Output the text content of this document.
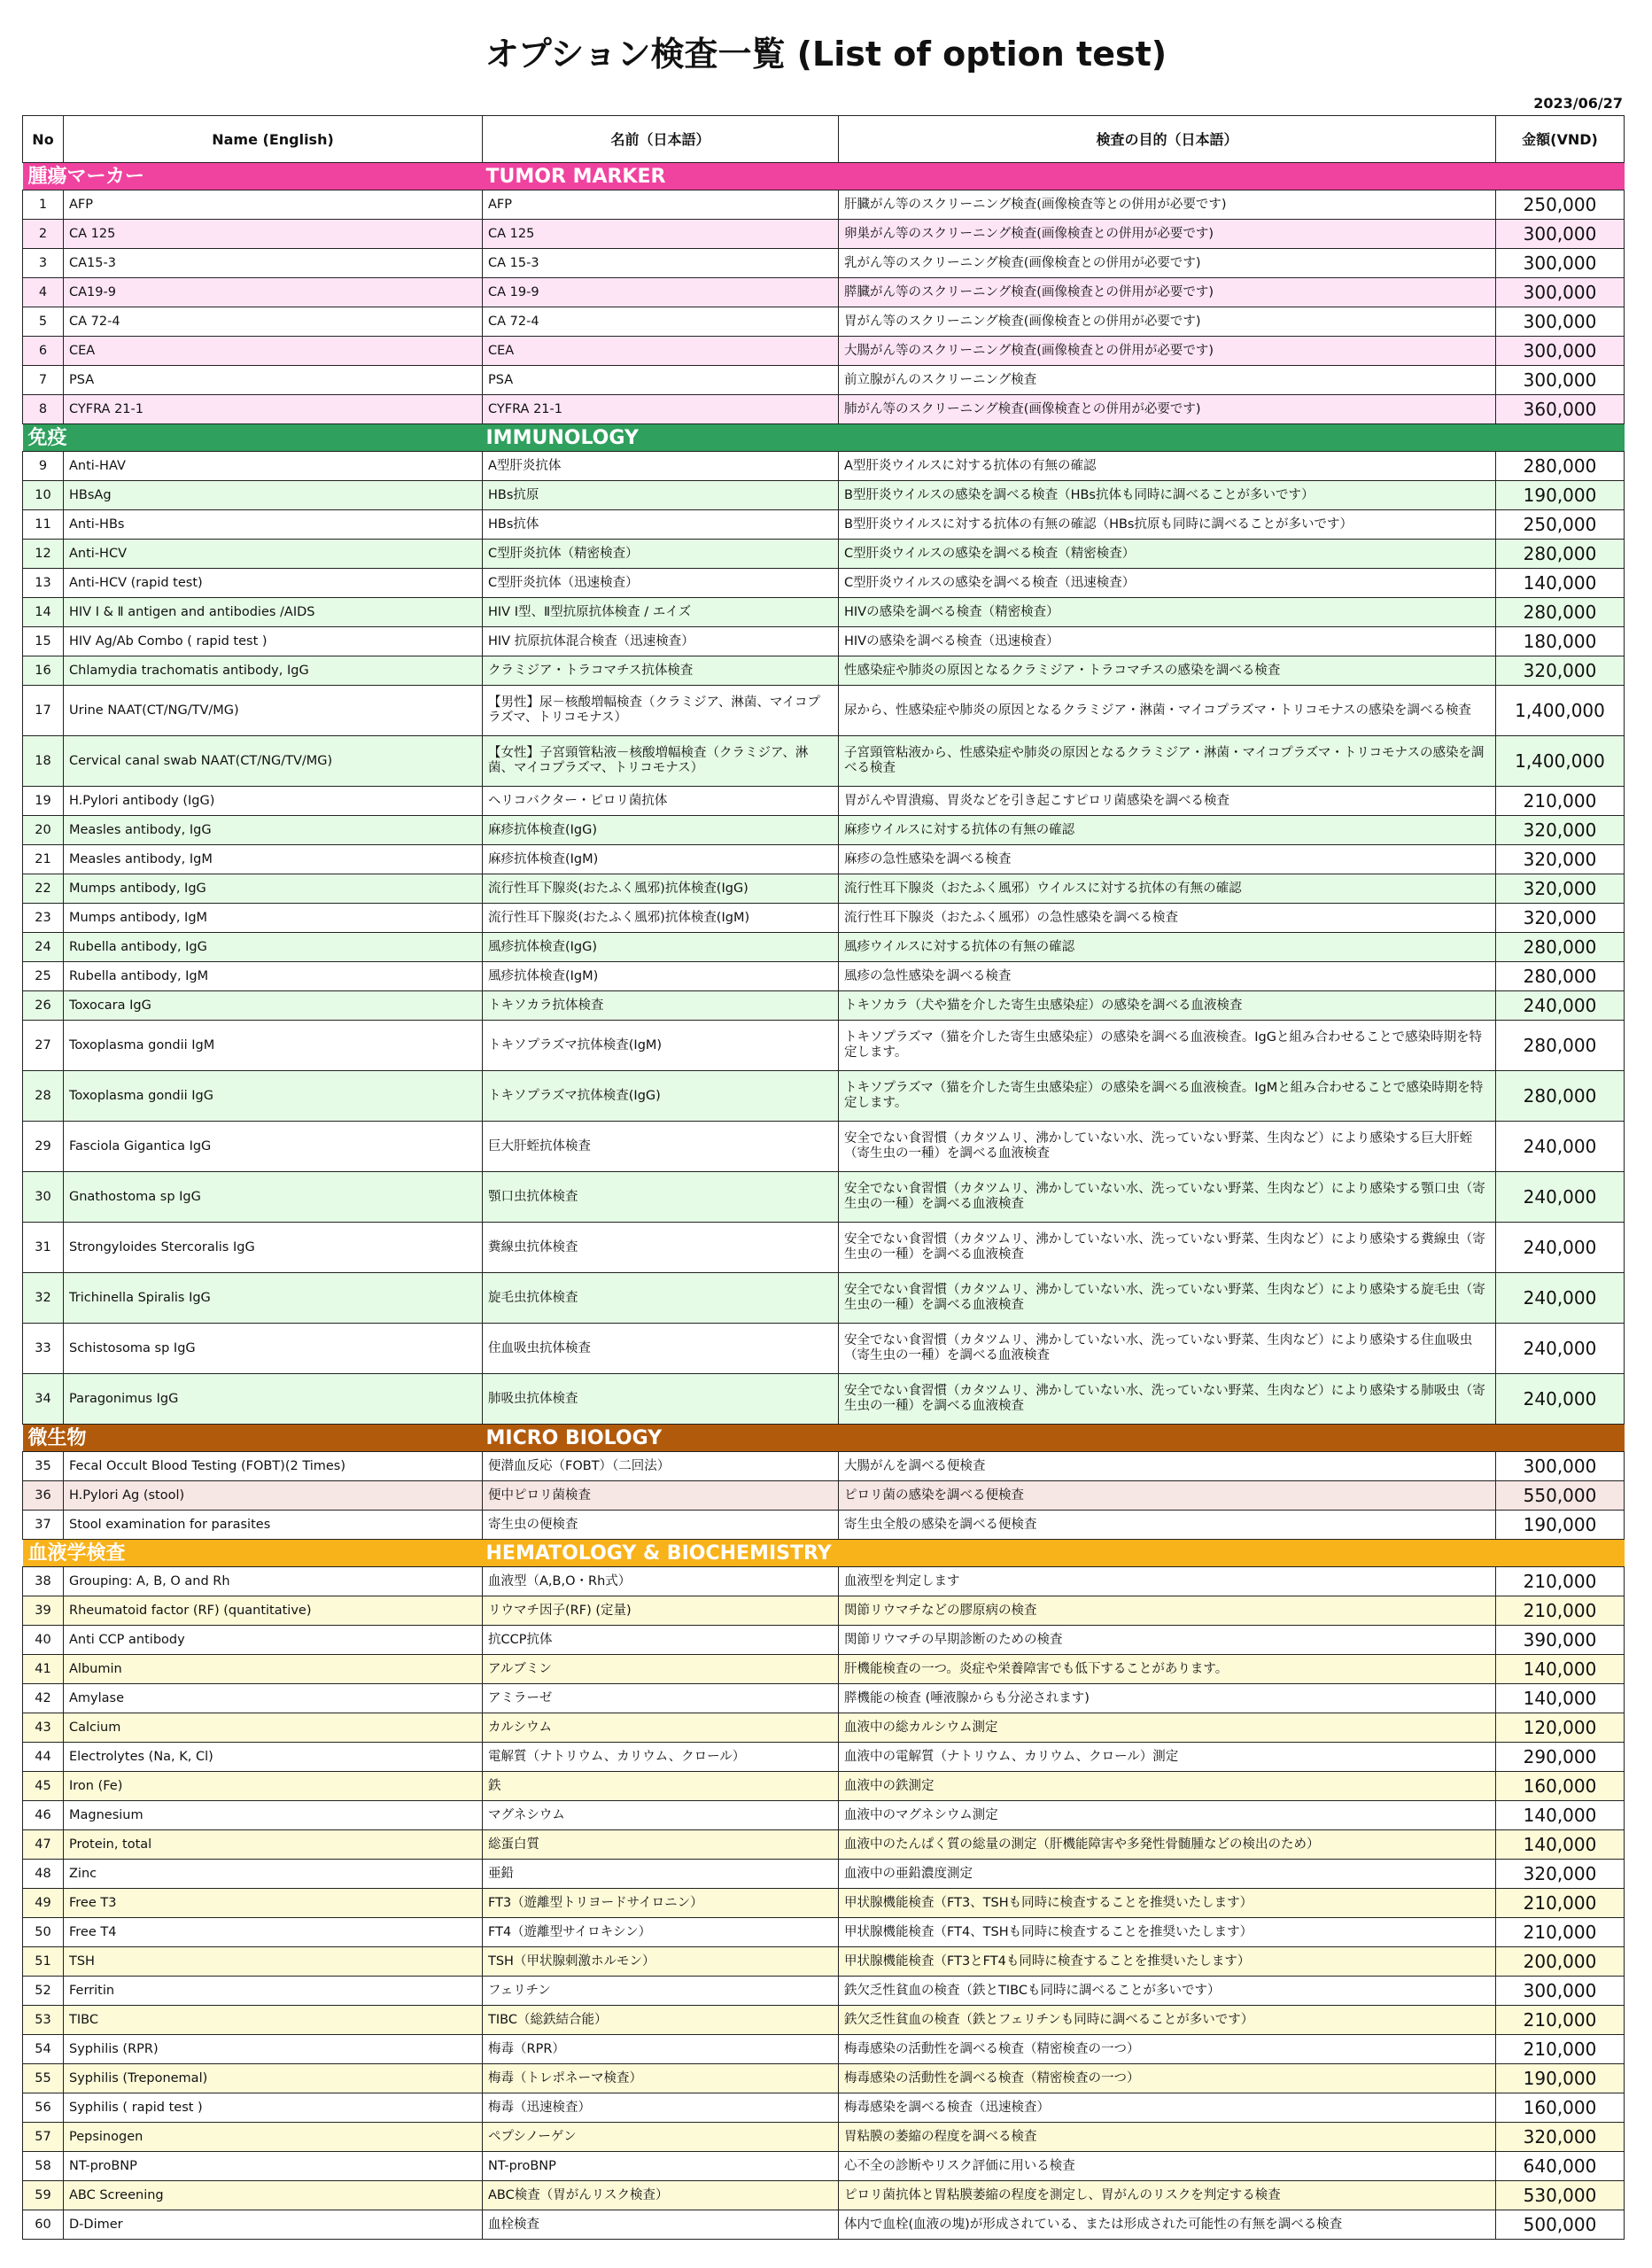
オプション検査一覧 (List of option test)
2023/06/27
No	Name (English)	名前（日本語）	検査の目的（日本語）	金額(VND)
腫瘍マーカー		TUMOR MARKER		
1	AFP	AFP	肝臓がん等のスクリーニング検査(画像検査等との併用が必要です)	250,000
2	CA 125	CA 125	卵巣がん等のスクリーニング検査(画像検査との併用が必要です)	300,000
3	CA15-3	CA 15-3	乳がん等のスクリーニング検査(画像検査との併用が必要です)	300,000
4	CA19-9	CA 19-9	膵臓がん等のスクリーニング検査(画像検査との併用が必要です)	300,000
5	CA 72-4	CA 72-4	胃がん等のスクリーニング検査(画像検査との併用が必要です)	300,000
6	CEA	CEA	大腸がん等のスクリーニング検査(画像検査との併用が必要です)	300,000
7	PSA	PSA	前立腺がんのスクリーニング検査	300,000
8	CYFRA 21-1	CYFRA 21-1	肺がん等のスクリーニング検査(画像検査との併用が必要です)	360,000
免疫		IMMUNOLOGY		
9	Anti-HAV	A型肝炎抗体	A型肝炎ウイルスに対する抗体の有無の確認	280,000
10	HBsAg	HBs抗原	B型肝炎ウイルスの感染を調べる検査（HBs抗体も同時に調べることが多いです）	190,000
11	Anti-HBs	HBs抗体	B型肝炎ウイルスに対する抗体の有無の確認（HBs抗原も同時に調べることが多いです）	250,000
12	Anti-HCV	C型肝炎抗体（精密検査）	C型肝炎ウイルスの感染を調べる検査（精密検査）	280,000
13	Anti-HCV (rapid test)	C型肝炎抗体（迅速検査）	C型肝炎ウイルスの感染を調べる検査（迅速検査）	140,000
14	HIV Ⅰ & Ⅱ antigen and antibodies /AIDS	HIV Ⅰ型、Ⅱ型抗原抗体検査 / エイズ	HIVの感染を調べる検査（精密検査）	280,000
15	HIV Ag/Ab Combo ( rapid test )	HIV 抗原抗体混合検査（迅速検査）	HIVの感染を調べる検査（迅速検査）	180,000
16	Chlamydia trachomatis antibody, IgG	クラミジア・トラコマチス抗体検査	性感染症や肺炎の原因となるクラミジア・トラコマチスの感染を調べる検査	320,000
17	Urine NAAT(CT/NG/TV/MG)	【男性】尿－核酸増幅検査（クラミジア、淋菌、マイコプラズマ、トリコモナス）	尿から、性感染症や肺炎の原因となるクラミジア・淋菌・マイコプラズマ・トリコモナスの感染を調べる検査	1,400,000
18	Cervical canal swab NAAT(CT/NG/TV/MG)	【女性】子宮頸管粘液－核酸増幅検査（クラミジア、淋菌、マイコプラズマ、トリコモナス）	子宮頸管粘液から、性感染症や肺炎の原因となるクラミジア・淋菌・マイコプラズマ・トリコモナスの感染を調べる検査	1,400,000
19	H.Pylori antibody (IgG)	ヘリコバクター・ピロリ菌抗体	胃がんや胃潰瘍、胃炎などを引き起こすピロリ菌感染を調べる検査	210,000
20	Measles antibody, IgG	麻疹抗体検査(IgG)	麻疹ウイルスに対する抗体の有無の確認	320,000
21	Measles antibody, IgM	麻疹抗体検査(IgM)	麻疹の急性感染を調べる検査	320,000
22	Mumps antibody, IgG	流行性耳下腺炎(おたふく風邪)抗体検査(IgG)	流行性耳下腺炎（おたふく風邪）ウイルスに対する抗体の有無の確認	320,000
23	Mumps antibody, IgM	流行性耳下腺炎(おたふく風邪)抗体検査(IgM)	流行性耳下腺炎（おたふく風邪）の急性感染を調べる検査	320,000
24	Rubella antibody, IgG	風疹抗体検査(IgG)	風疹ウイルスに対する抗体の有無の確認	280,000
25	Rubella antibody, IgM	風疹抗体検査(IgM)	風疹の急性感染を調べる検査	280,000
26	Toxocara IgG	トキソカラ抗体検査	トキソカラ（犬や猫を介した寄生虫感染症）の感染を調べる血液検査	240,000
27	Toxoplasma gondii IgM	トキソプラズマ抗体検査(IgM)	トキソプラズマ（猫を介した寄生虫感染症）の感染を調べる血液検査。IgGと組み合わせることで感染時期を特定します。	280,000
28	Toxoplasma gondii IgG	トキソプラズマ抗体検査(IgG)	トキソプラズマ（猫を介した寄生虫感染症）の感染を調べる血液検査。IgMと組み合わせることで感染時期を特定します。	280,000
29	Fasciola Gigantica IgG	巨大肝蛭抗体検査	安全でない食習慣（カタツムリ、沸かしていない水、洗っていない野菜、生肉など）により感染する巨大肝蛭（寄生虫の一種）を調べる血液検査	240,000
30	Gnathostoma sp IgG	顎口虫抗体検査	安全でない食習慣（カタツムリ、沸かしていない水、洗っていない野菜、生肉など）により感染する顎口虫（寄生虫の一種）を調べる血液検査	240,000
31	Strongyloides Stercoralis IgG	糞線虫抗体検査	安全でない食習慣（カタツムリ、沸かしていない水、洗っていない野菜、生肉など）により感染する糞線虫（寄生虫の一種）を調べる血液検査	240,000
32	Trichinella Spiralis IgG	旋毛虫抗体検査	安全でない食習慣（カタツムリ、沸かしていない水、洗っていない野菜、生肉など）により感染する旋毛虫（寄生虫の一種）を調べる血液検査	240,000
33	Schistosoma sp IgG	住血吸虫抗体検査	安全でない食習慣（カタツムリ、沸かしていない水、洗っていない野菜、生肉など）により感染する住血吸虫（寄生虫の一種）を調べる血液検査	240,000
34	Paragonimus IgG	肺吸虫抗体検査	安全でない食習慣（カタツムリ、沸かしていない水、洗っていない野菜、生肉など）により感染する肺吸虫（寄生虫の一種）を調べる血液検査	240,000
微生物		MICRO BIOLOGY		
35	Fecal Occult Blood Testing (FOBT)(2 Times)	便潜血反応（FOBT）（二回法）	大腸がんを調べる便検査	300,000
36	H.Pylori Ag (stool)	便中ピロリ菌検査	ピロリ菌の感染を調べる便検査	550,000
37	Stool examination for parasites	寄生虫の便検査	寄生虫全般の感染を調べる便検査	190,000
血液学検査		HEMATOLOGY & BIOCHEMISTRY		
38	Grouping: A, B, O and Rh	血液型（A,B,O・Rh式）	血液型を判定します	210,000
39	Rheumatoid factor (RF) (quantitative)	リウマチ因子(RF) (定量)	関節リウマチなどの膠原病の検査	210,000
40	Anti CCP antibody	抗CCP抗体	関節リウマチの早期診断のための検査	390,000
41	Albumin	アルブミン	肝機能検査の一つ。炎症や栄養障害でも低下することがあります。	140,000
42	Amylase	アミラーゼ	膵機能の検査 (唾液腺からも分泌されます)	140,000
43	Calcium	カルシウム	血液中の総カルシウム測定	120,000
44	Electrolytes (Na, K, Cl)	電解質（ナトリウム、カリウム、クロール）	血液中の電解質（ナトリウム、カリウム、クロール）測定	290,000
45	Iron (Fe)	鉄	血液中の鉄測定	160,000
46	Magnesium	マグネシウム	血液中のマグネシウム測定	140,000
47	Protein, total	総蛋白質	血液中のたんぱく質の総量の測定（肝機能障害や多発性骨髄腫などの検出のため）	140,000
48	Zinc	亜鉛	血液中の亜鉛濃度測定	320,000
49	Free T3	FT3（遊離型トリヨードサイロニン）	甲状腺機能検査（FT3、TSHも同時に検査することを推奨いたします）	210,000
50	Free T4	FT4（遊離型サイロキシン）	甲状腺機能検査（FT4、TSHも同時に検査することを推奨いたします）	210,000
51	TSH	TSH（甲状腺刺激ホルモン）	甲状腺機能検査（FT3とFT4も同時に検査することを推奨いたします）	200,000
52	Ferritin	フェリチン	鉄欠乏性貧血の検査（鉄とTIBCも同時に調べることが多いです）	300,000
53	TIBC	TIBC（総鉄結合能）	鉄欠乏性貧血の検査（鉄とフェリチンも同時に調べることが多いです）	210,000
54	Syphilis (RPR)	梅毒（RPR）	梅毒感染の活動性を調べる検査（精密検査の一つ）	210,000
55	Syphilis (Treponemal)	梅毒（トレポネーマ検査）	梅毒感染の活動性を調べる検査（精密検査の一つ）	190,000
56	Syphilis ( rapid test )	梅毒（迅速検査）	梅毒感染を調べる検査（迅速検査）	160,000
57	Pepsinogen	ペプシノーゲン	胃粘膜の萎縮の程度を調べる検査	320,000
58	NT-proBNP	NT-proBNP	心不全の診断やリスク評価に用いる検査	640,000
59	ABC Screening	ABC検査（胃がんリスク検査）	ピロリ菌抗体と胃粘膜萎縮の程度を測定し、胃がんのリスクを判定する検査	530,000
60	D-Dimer	血栓検査	体内で血栓(血液の塊)が形成されている、または形成された可能性の有無を調べる検査	500,000
